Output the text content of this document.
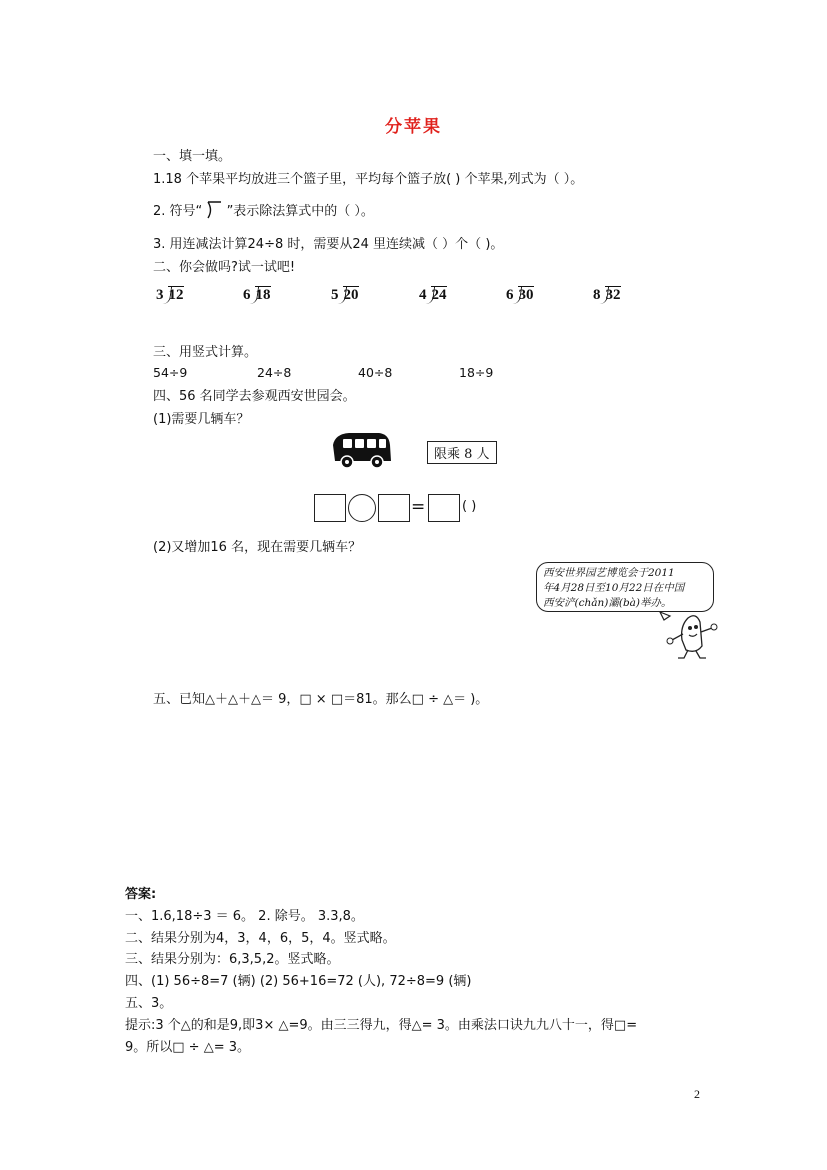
分苹果
一、填一填。
1.18 个苹果平均放进三个篮子里，平均每个篮子放( ) 个苹果,列式为（ ）。
2. 符号“ ”表示除法算式中的（ ）。
3. 用连减法计算24÷8 时，需要从24 里连续减（ ）个（ )。
二、你会做吗?试一试吧!
3 12	6 18	5 20	4 24	6 30	8 32
三、用竖式计算。
54÷9	24÷8	40÷8	18÷9
四、56 名同学去参观西安世园会。
(1)需要几辆车？
限乘 8 人
=	( )
(2)又增加16 名，现在需要几辆车？

西安世界园艺博览会于2011

年4月28日至10月22日在中国

西安浐(chǎn)灞(bà)举办。

五、已知△＋△＋△＝ 9，□ × □＝81。那么□ ÷ △＝ )。
答案:
一、1.6,18÷3 ＝ 6。 2. 除号。 3.3,8。
二、结果分别为4，3，4，6，5，4。竖式略。
三、结果分别为：6,3,5,2。竖式略。
四、(1) 56÷8=7 (辆) (2) 56+16=72 (人), 72÷8=9 (辆)
五、3。
提示:3 个△的和是9,即3× △=9。由三三得九，得△= 3。由乘法口诀九九八十一，得□=
9。所以□ ÷ △= 3。
2
